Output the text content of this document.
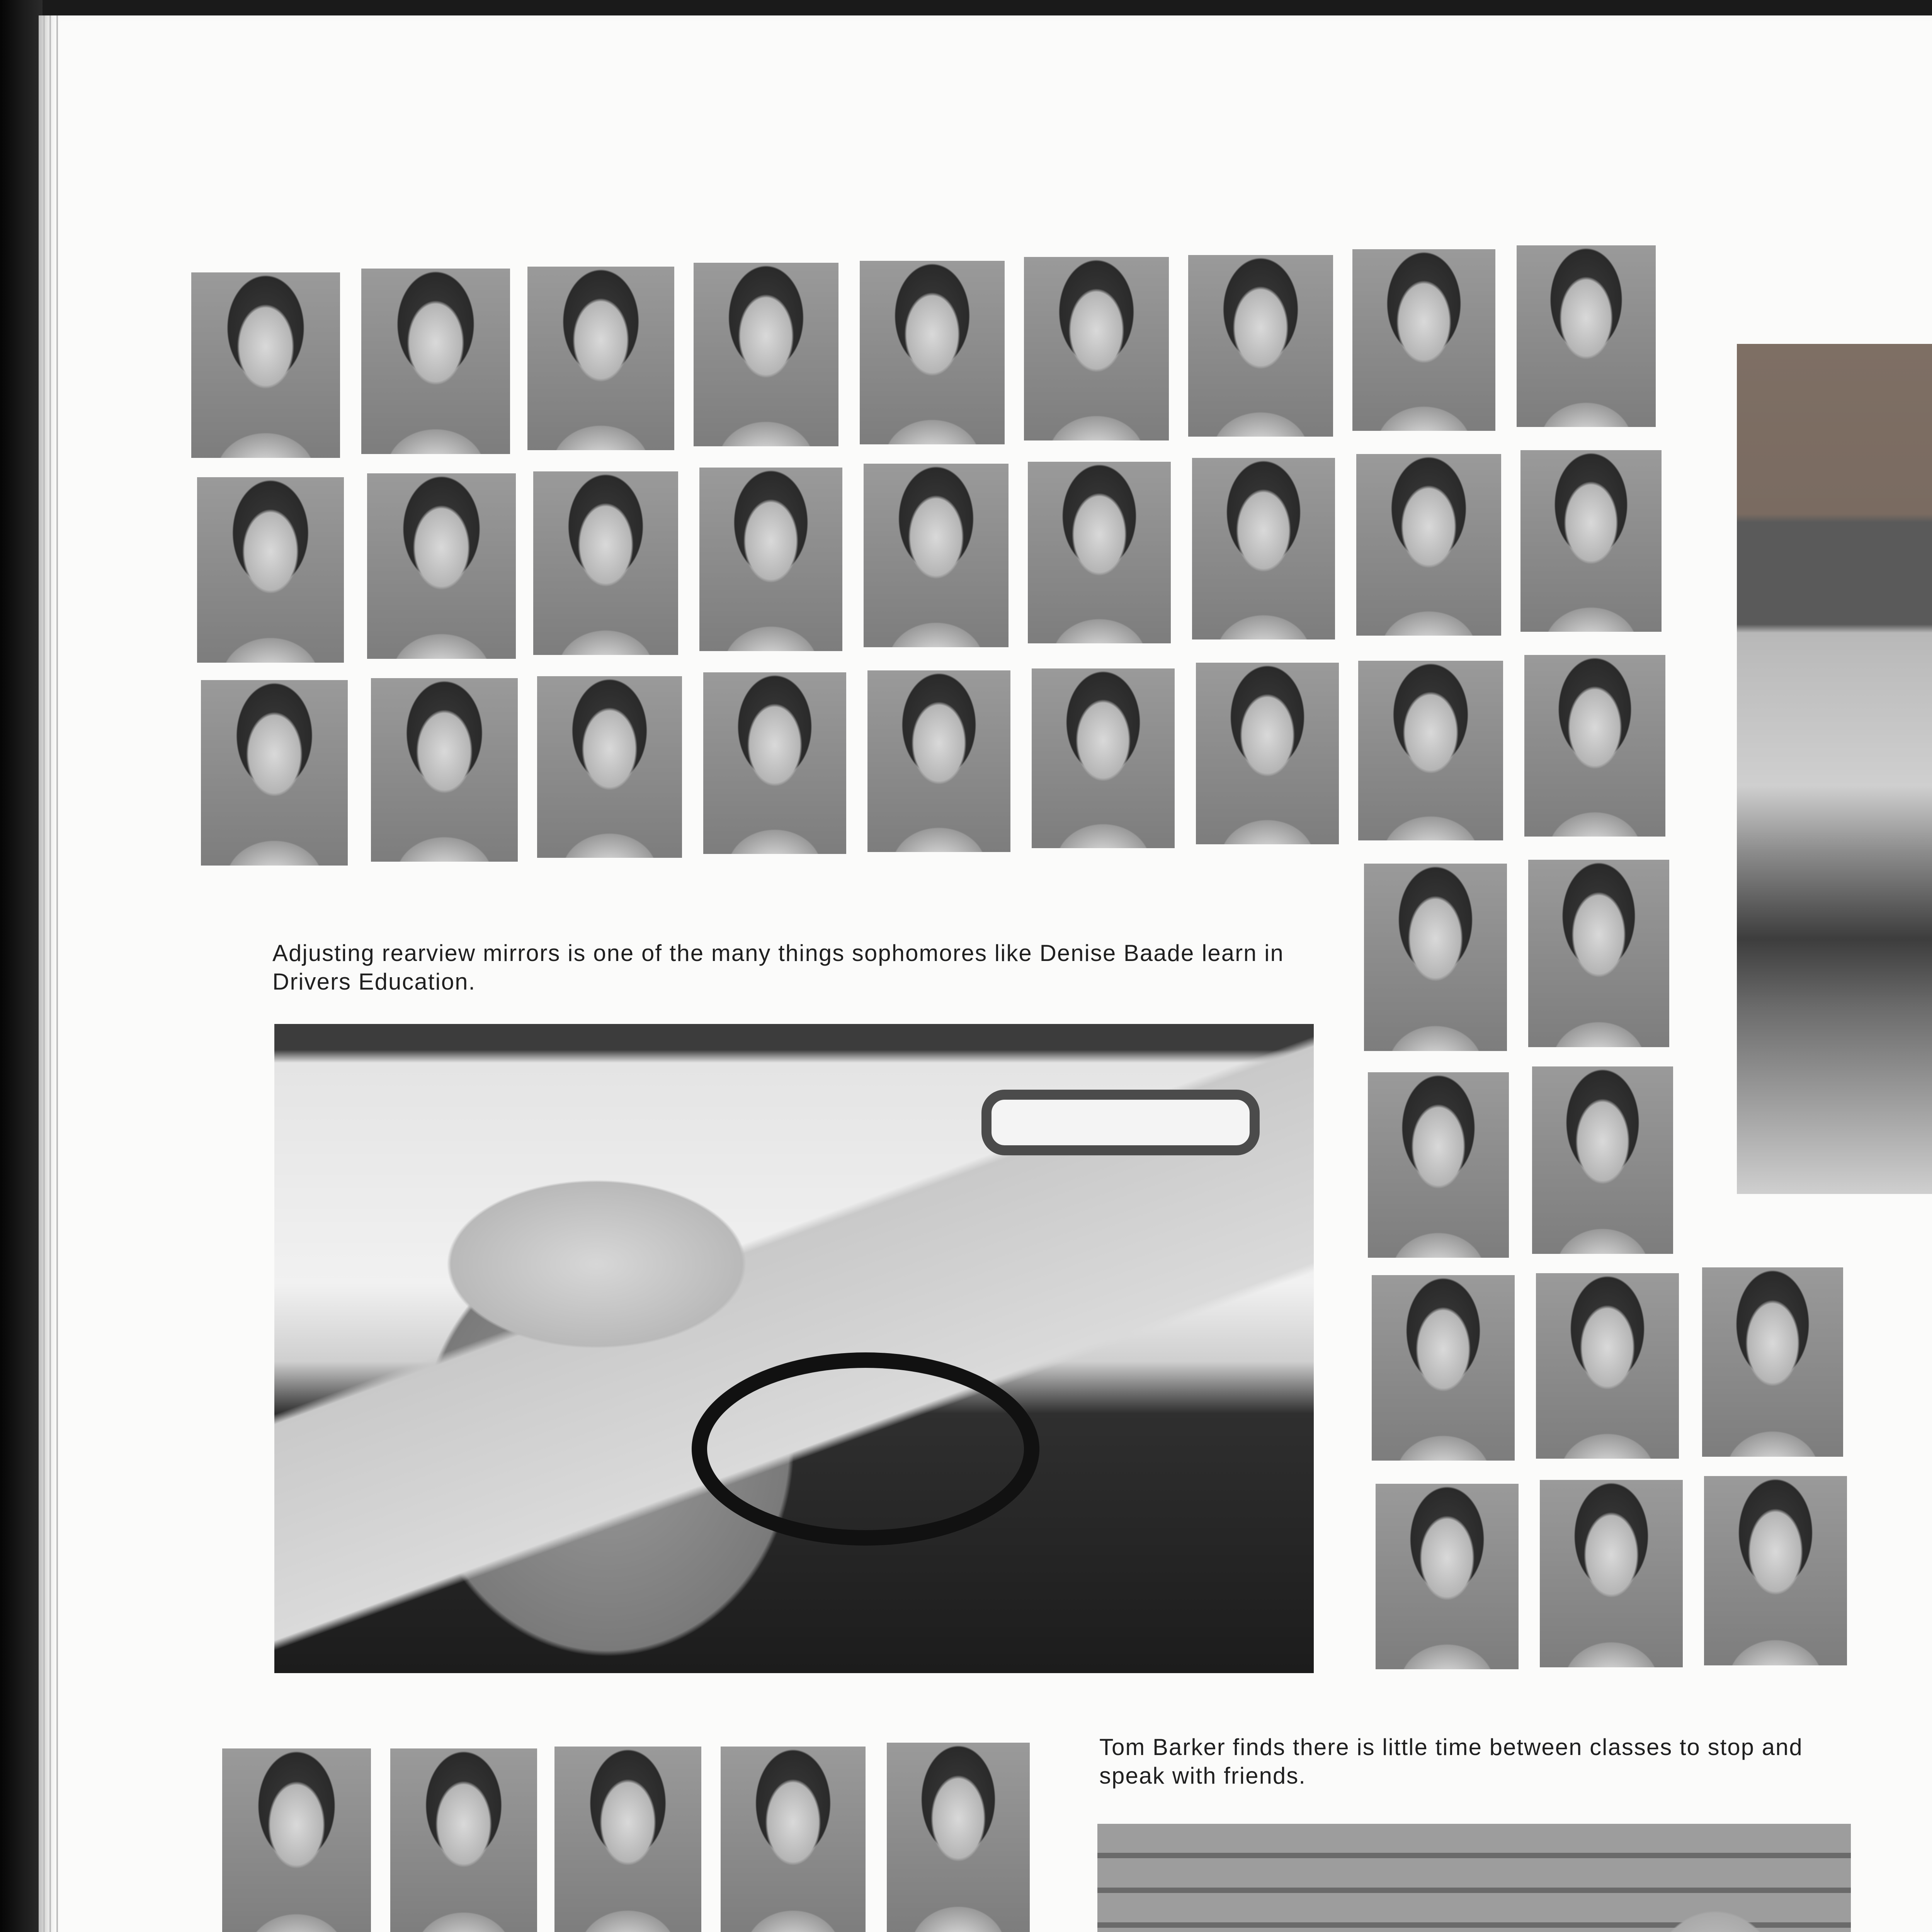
Adjusting rearview mirrors is one of the many things sophomores like Denise Baade learn in Drivers Education.

Tom Barker finds there is little time between classes to stop and speak with friends.
